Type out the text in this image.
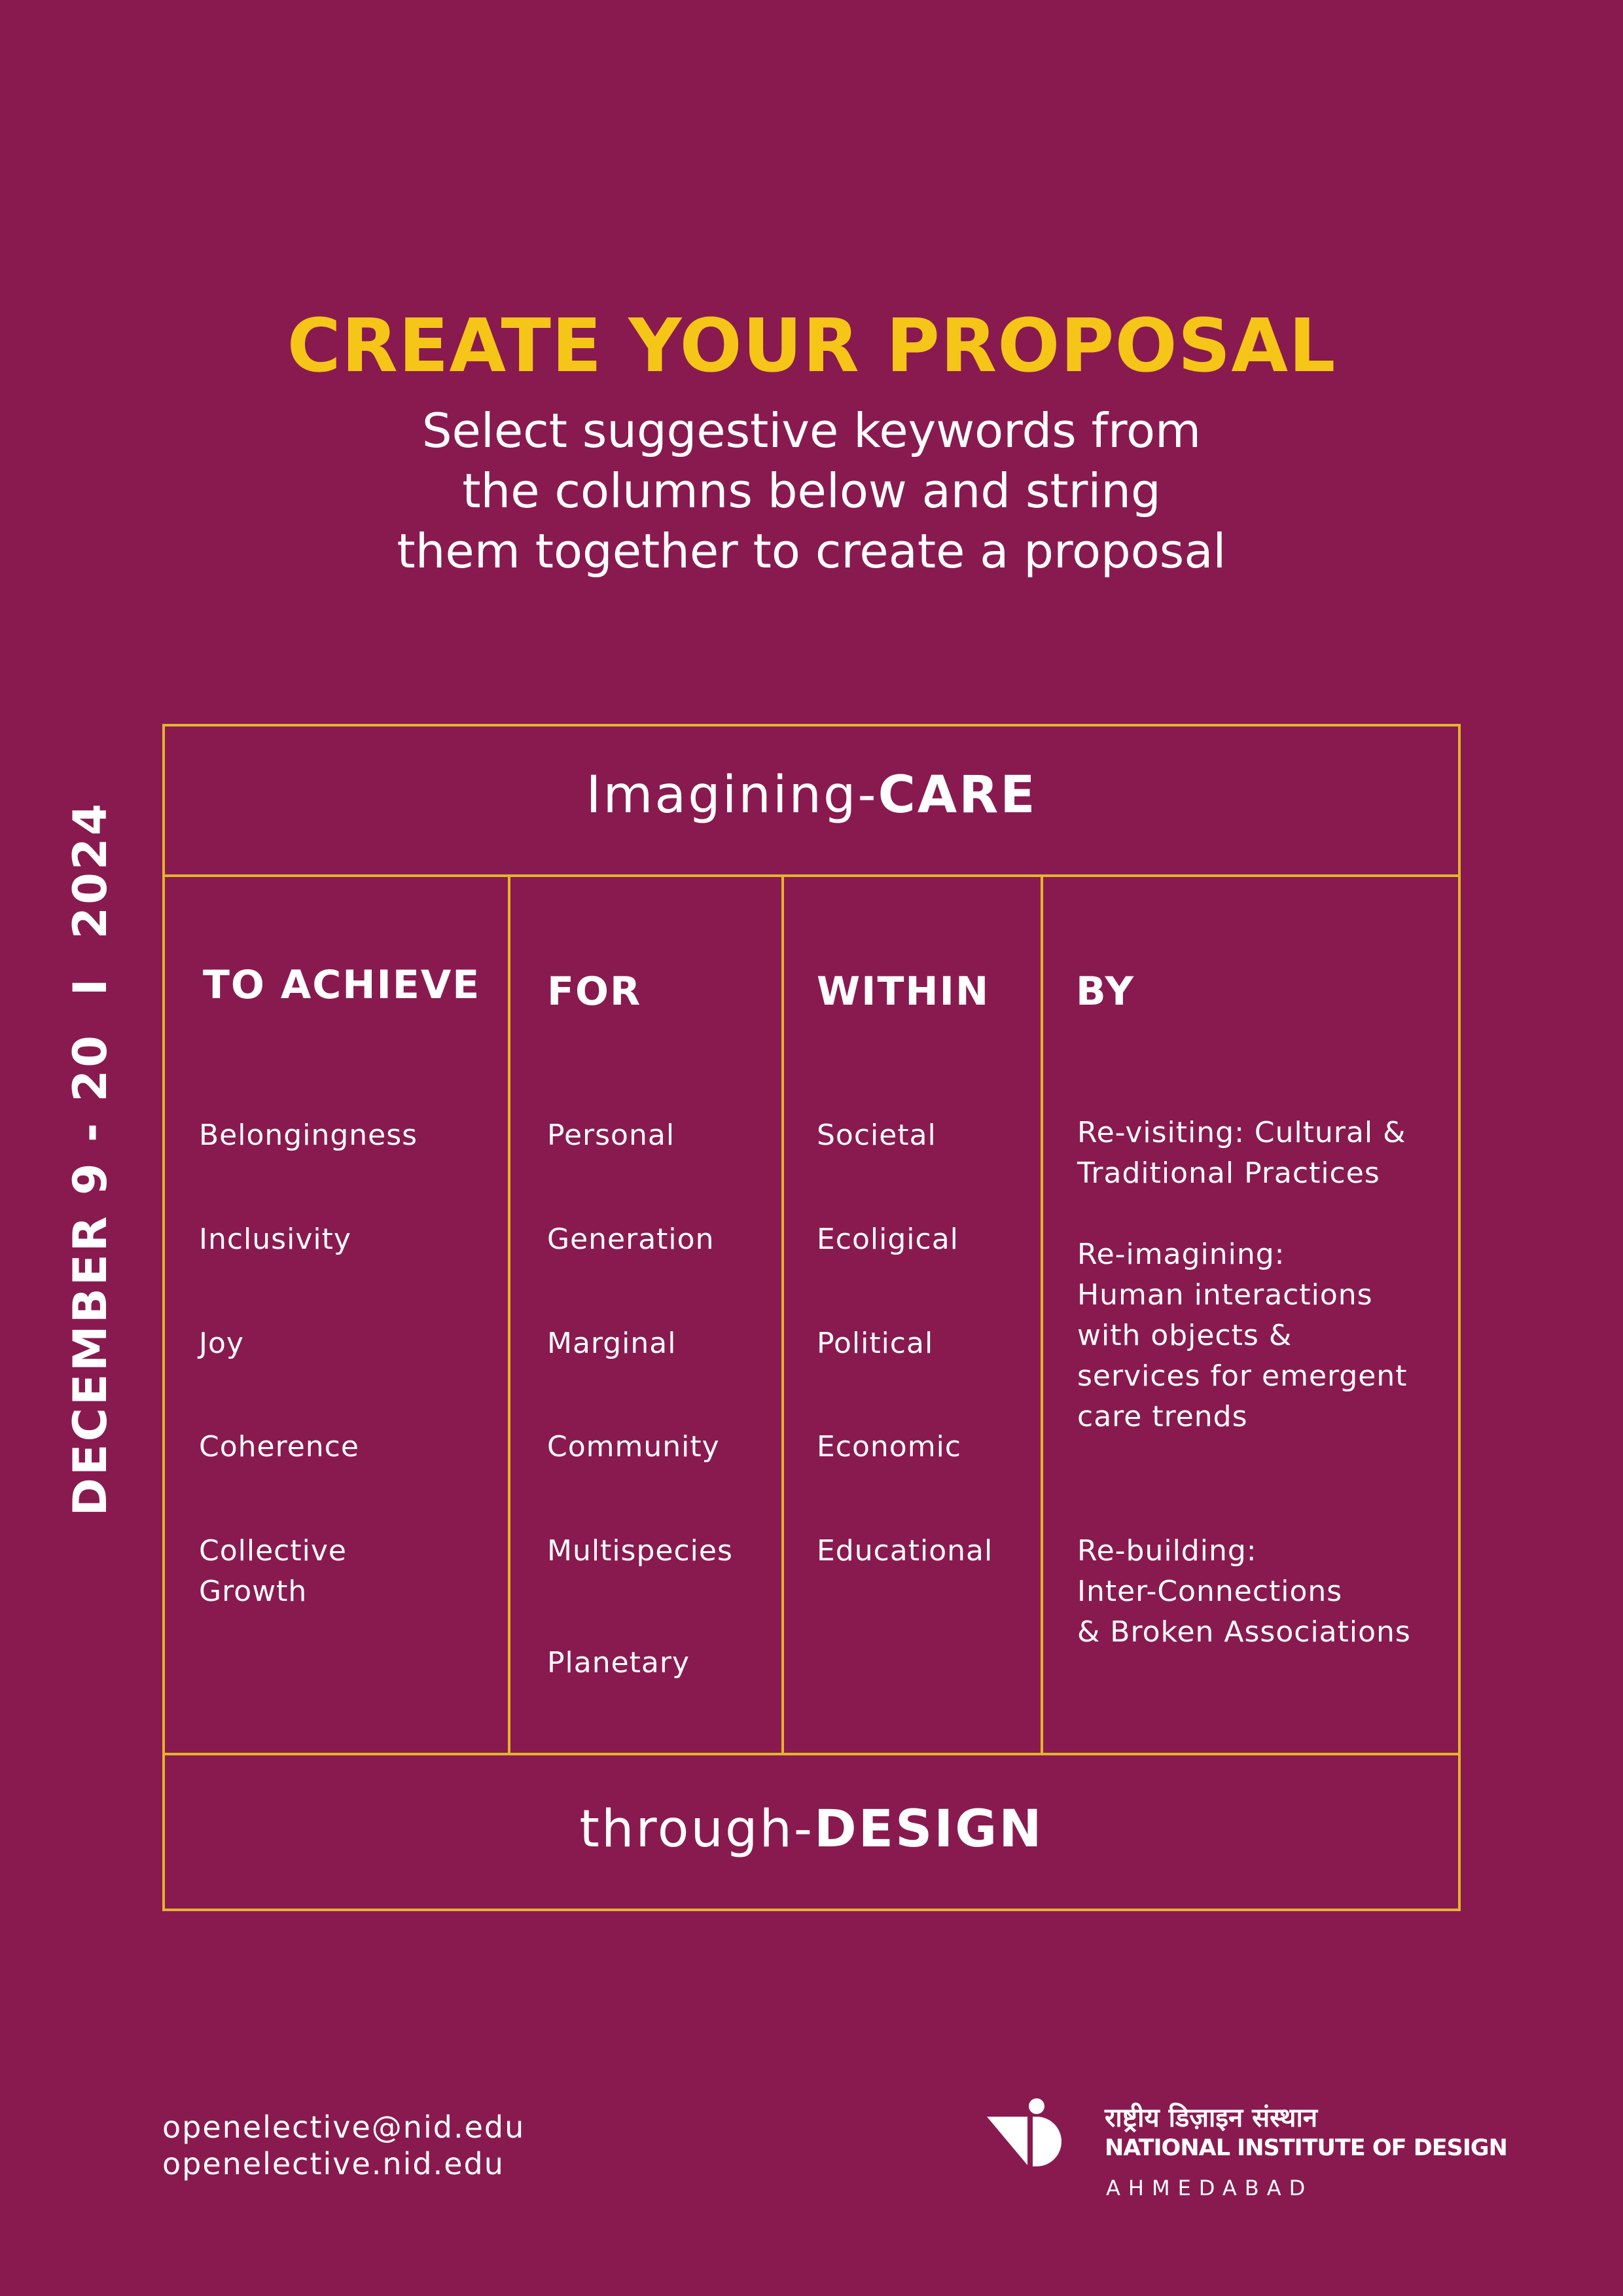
CREATE YOUR PROPOSAL
Select suggestive keywords from
the columns below and string
them together to create a proposal
DECEMBER 9 - 20  I  2024
Imagining-CARE
TO ACHIEVE
Belongingness
Inclusivity
Joy
Coherence
Collective
Growth
FOR
Personal
Generation
Marginal
Community
Multispecies
Planetary
WITHIN
Societal
Ecoligical
Political
Economic
Educational
BY
Re-visiting: Cultural &
Traditional Practices
Re-imagining:
Human interactions
with objects &
services for emergent
care trends
Re-building:
Inter-Connections
& Broken Associations
through-DESIGN
openelective@nid.edu
openelective.nid.edu
राष्ट्रीय डिज़ाइन संस्थान
NATIONAL INSTITUTE OF DESIGN
AHMEDABAD
